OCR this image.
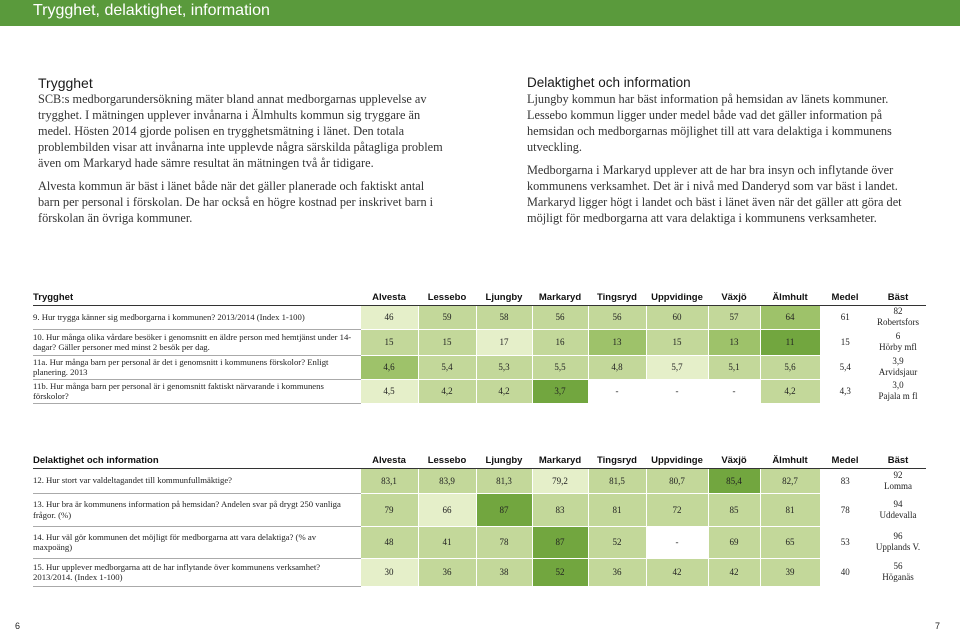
Trygghet, delaktighet, information
Trygghet

SCB:s medborgarundersökning mäter bland annat medborgarnas upplevelse av trygghet. I mätningen upplever invånarna i Älmhults kommun sig tryggare än medel. Hösten 2014 gjorde polisen en trygghetsmätning i länet. Den totala problembilden visar att invånarna inte upplevde några särskilda påtagliga problem även om Markaryd hade sämre resultat än mätningen två år tidigare.

Alvesta kommun är bäst i länet både när det gäller planerade och faktiskt antal barn per personal i förskolan. De har också en högre kostnad per inskrivet barn i förskolan än övriga kommuner.

Delaktighet och information

Ljungby kommun har bäst information på hemsidan av länets kommuner. Lessebo kommun ligger under medel både vad det gäller information på hemsidan och medborgarnas möjlighet till att vara delaktiga i kommunens utveckling.

Medborgarna i Markaryd upplever att de har bra insyn och inflytande över kommunens verksamhet. Det är i nivå med Danderyd som var bäst i landet. Markaryd ligger högt i landet och bäst i länet även när det gäller att göra det möjligt för medborgarna att vara delaktiga i kommunens verksamheter.

Trygghet	Alvesta	Lessebo	Ljungby	Markaryd	Tingsryd	Uppvidinge	Växjö	Älmhult	Medel	Bäst
9. Hur trygga känner sig medborgarna i kommunen? 2013/2014 (Index 1-100)	46	59	58	56	56	60	57	64	61	82
Robertsfors

10. Hur många olika vårdare besöker i genomsnitt en äldre person med hemtjänst under 14-dagar? Gäller personer med minst 2 besök per dag.	15	15	17	16	13	15	13	11	15	6
Hörby mfl

11a. Hur många barn per personal är det i genomsnitt i kommunens förskolor? Enligt planering. 2013	4,6	5,4	5,3	5,5	4,8	5,7	5,1	5,6	5,4	3,9
Arvidsjaur

11b. Hur många barn per personal är i genomsnitt faktiskt närvarande i kommunens förskolor?	4,5	4,2	4,2	3,7	-	-	-	4,2	4,3	3,0
Pajala m fl
Delaktighet och information	Alvesta	Lessebo	Ljungby	Markaryd	Tingsryd	Uppvidinge	Växjö	Älmhult	Medel	Bäst
12. Hur stort var valdeltagandet till kommunfullmäktige?	83,1	83,9	81,3	79,2	81,5	80,7	85,4	82,7	83	92
Lomma

13. Hur bra är kommunens information på hemsidan? Andelen svar på drygt 250 vanliga frågor. (%)	79	66	87	83	81	72	85	81	78	94
Uddevalla

14. Hur väl gör kommunen det möjligt för medborgarna att vara delaktiga? (% av maxpoäng)	48	41	78	87	52	-	69	65	53	96
Upplands V.

15. Hur upplever medborgarna att de har inflytande över kommunens verksamhet? 2013/2014. (Index 1-100)	30	36	38	52	36	42	42	39	40	56
Höganäs
6	7
